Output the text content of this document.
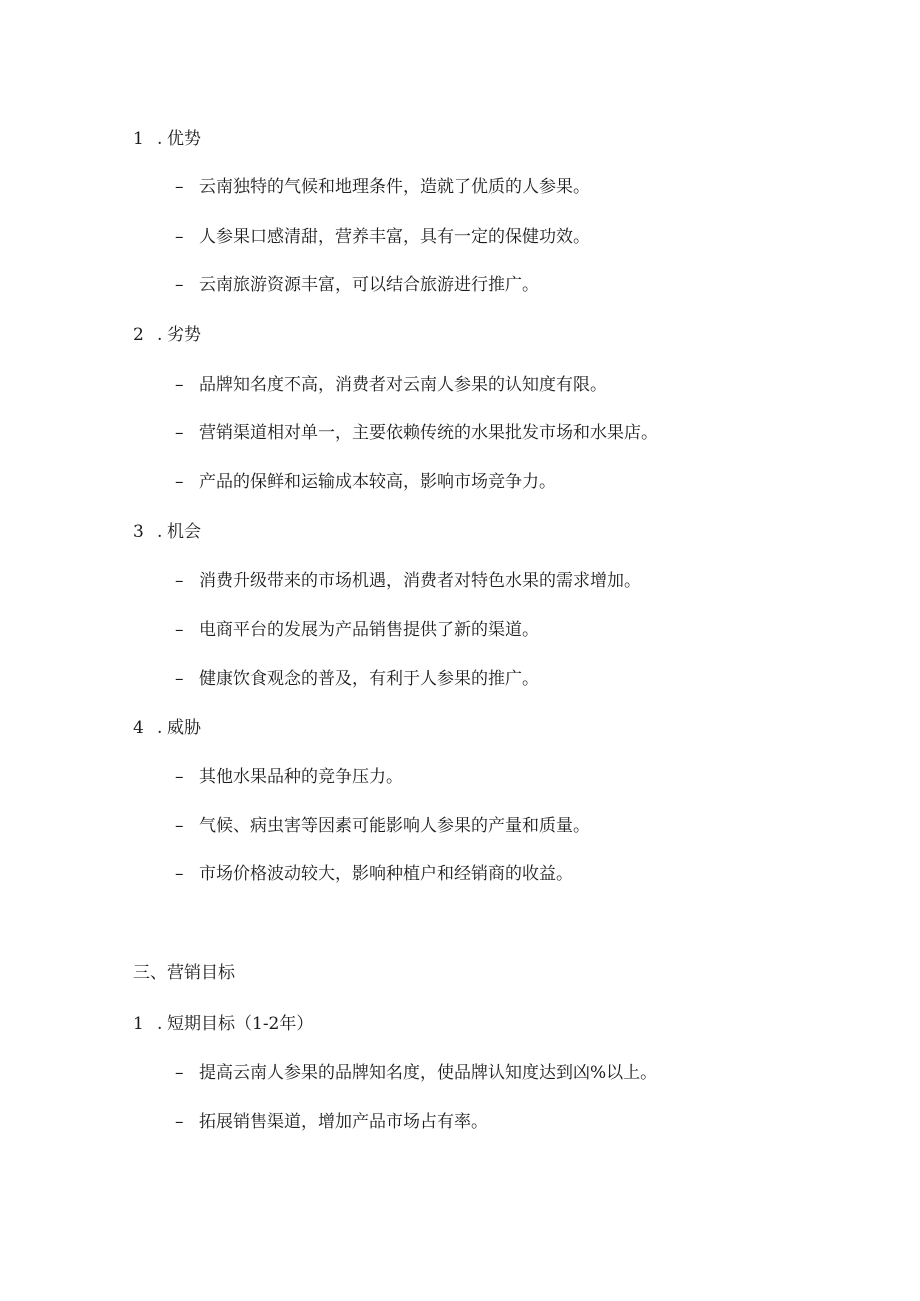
1 . 优势
– 云南独特的气候和地理条件，造就了优质的人参果。
– 人参果口感清甜，营养丰富，具有一定的保健功效。
– 云南旅游资源丰富，可以结合旅游进行推广。
2 . 劣势
– 品牌知名度不高，消费者对云南人参果的认知度有限。
– 营销渠道相对单一，主要依赖传统的水果批发市场和水果店。
– 产品的保鲜和运输成本较高，影响市场竞争力。
3 . 机会
– 消费升级带来的市场机遇，消费者对特色水果的需求增加。
– 电商平台的发展为产品销售提供了新的渠道。
– 健康饮食观念的普及，有利于人参果的推广。
4 . 威胁
– 其他水果品种的竞争压力。
– 气候、病虫害等因素可能影响人参果的产量和质量。
– 市场价格波动较大，影响种植户和经销商的收益。
三、营销目标
1 . 短期目标（1-2年）
– 提高云南人参果的品牌知名度，使品牌认知度达到凶%以上。
– 拓展销售渠道，增加产品市场占有率。
